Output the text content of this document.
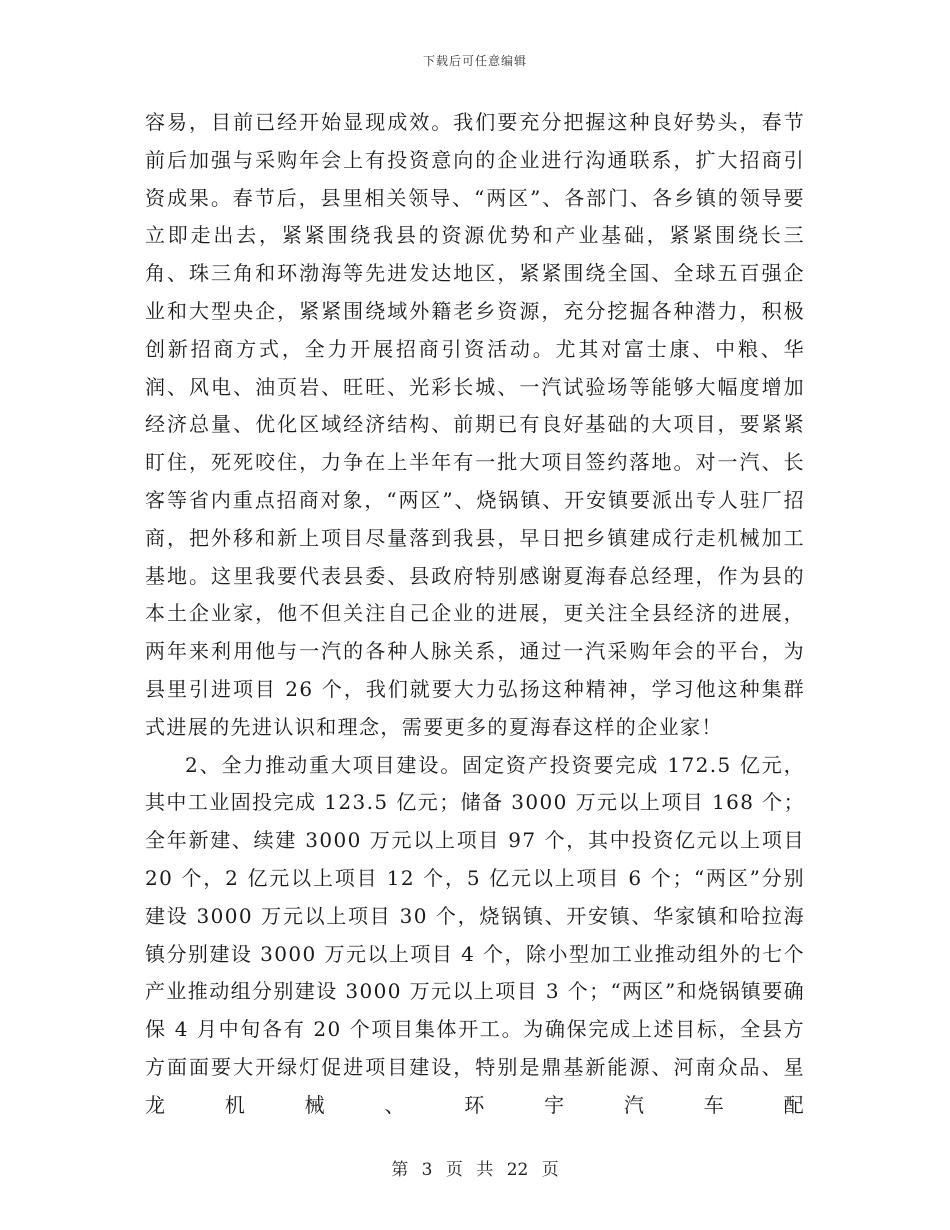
下载后可任意编辑

容易，目前已经开始显现成效。我们要充分把握这种良好势头，春节前后加强与采购年会上有投资意向的企业进行沟通联系，扩大招商引资成果。春节后，县里相关领导、“两区”、各部门、各乡镇的领导要立即走出去，紧紧围绕我县的资源优势和产业基础，紧紧围绕长三角、珠三角和环渤海等先进发达地区，紧紧围绕全国、全球五百强企业和大型央企，紧紧围绕域外籍老乡资源，充分挖掘各种潜力，积极创新招商方式，全力开展招商引资活动。尤其对富士康、中粮、华润、风电、油页岩、旺旺、光彩长城、一汽试验场等能够大幅度增加经济总量、优化区域经济结构、前期已有良好基础的大项目，要紧紧盯住，死死咬住，力争在上半年有一批大项目签约落地。对一汽、长客等省内重点招商对象，“两区”、烧锅镇、开安镇要派出专人驻厂招商，把外移和新上项目尽量落到我县，早日把乡镇建成行走机械加工基地。这里我要代表县委、县政府特别感谢夏海春总经理，作为县的本土企业家，他不但关注自己企业的进展，更关注全县经济的进展，两年来利用他与一汽的各种人脉关系，通过一汽采购年会的平台，为县里引进项目 26 个，我们就要大力弘扬这种精神，学习他这种集群式进展的先进认识和理念，需要更多的夏海春这样的企业家！

2、全力推动重大项目建设。固定资产投资要完成 172.5 亿元，其中工业固投完成 123.5 亿元；储备 3000 万元以上项目 168 个；全年新建、续建 3000 万元以上项目 97 个，其中投资亿元以上项目 20 个，2 亿元以上项目 12 个，5 亿元以上项目 6 个；“两区”分别建设 3000 万元以上项目 30 个，烧锅镇、开安镇、华家镇和哈拉海镇分别建设 3000 万元以上项目 4 个，除小型加工业推动组外的七个产业推动组分别建设 3000 万元以上项目 3 个；“两区”和烧锅镇要确保 4 月中旬各有 20 个项目集体开工。为确保完成上述目标，全县方方面面要大开绿灯促进项目建设，特别是鼎基新能源、河南众品、星龙机械、环宇汽车配

第 3 页 共 22 页
